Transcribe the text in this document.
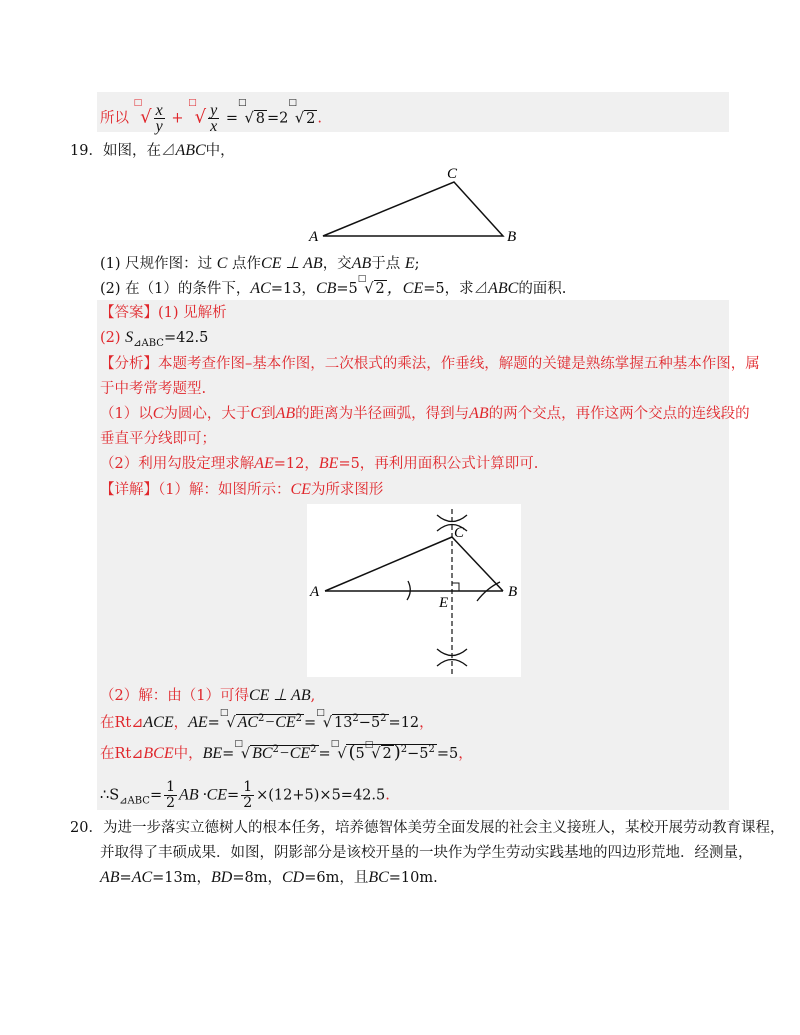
所以 $^□√ \frac{x}{y} + ^□√ \frac{y}{x} =^□√$ 8 =2□√ 2 .
19．如图，在⊿ABC中，
A
C
B
(1) 尺规作图：过 C 点作CE ⊥ AB，交AB于点 E;
(2) 在（1）的条件下，AC=13，CB=5□√ 2 ，CE=5，求⊿ABC的面积.
【答案】(1) 见解析
(2) $S_{⊿ABC}=42.5$
【分析】本题考查作图–基本作图，二次根式的乘法，作垂线，解题的关键是熟练掌握五种基本作图，属
于中考常考题型.
（1）以C为圆心，大于C到AB的距离为半径画弧，得到与AB的两个交点，再作这两个交点的连线段的
垂直平分线即可；
（2）利用勾股定理求解AE=12，BE=5，再利用面积公式计算即可.
【详解】（1）解：如图所示：CE为所求图形
A
C
B
E
（2）解：由（1）可得CE ⊥ AB,
在Rt⊿ACE，AE=□√ $AC^2-CE^2 =^□√$ $13^2-5^2 =12$，
在Rt⊿BCE中，BE=□√ $BC^2-CE^2 =^□√$ (5□√ 2 )$^2-5^2 =5$，
$\therefore S_{⊿ABC}= \frac{1}{2}$ AB $\cdot CE= \frac{1}{2} \times(12+5)\times 5=42.5$.
20．为进一步落实立德树人的根本任务，培养德智体美劳全面发展的社会主义接班人，某校开展劳动教育课程，
并取得了丰硕成果．如图，阴影部分是该校开垦的一块作为学生劳动实践基地的四边形荒地．经测量，
AB=AC=13m，BD=8m，CD=6m，且BC=10m.
